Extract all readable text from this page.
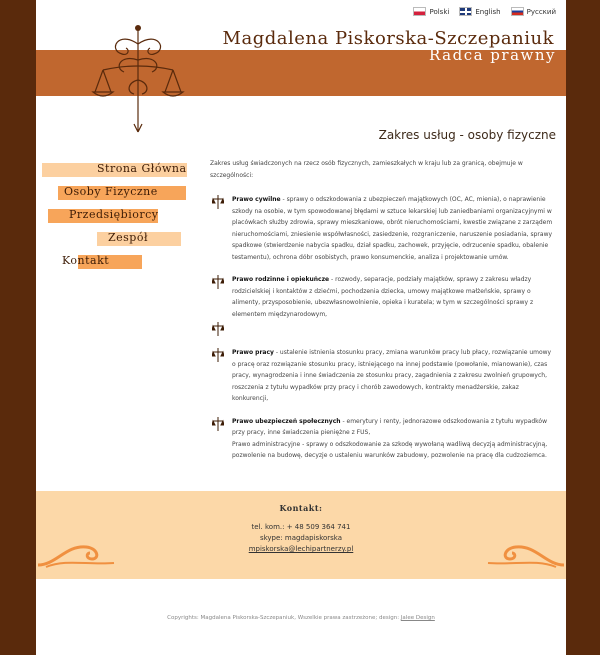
Polski	English	Русский
Magdalena Piskorska-Szczepaniuk
Radca prawny
Strona Główna
Osoby Fizyczne
Przedsiębiorcy
Zespół
Kontakt
Zakres usług - osoby fizyczne

Zakres usług świadczonych na rzecz osób fizycznych, zamieszkałych w kraju lub za granicą, obejmuje w szczególności:

Prawo cywilne - sprawy o odszkodowania z ubezpieczeń majątkowych (OC, AC, mienia), o naprawienie szkody na osobie, w tym spowodowanej błędami w sztuce lekarskiej lub zaniedbaniami organizacyjnymi w placówkach służby zdrowia, sprawy mieszkaniowe, obrót nieruchomościami, kwestie związane z zarządem nieruchomościami, zniesienie współwłasności, zasiedzenie, rozgraniczenie, naruszenie posiadania, sprawy spadkowe (stwierdzenie nabycia spadku, dział spadku, zachowek, przyjęcie, odrzucenie spadku, obalenie testamentu), ochrona dóbr osobistych, prawo konsumenckie, analiza i projektowanie umów.
Prawo rodzinne i opiekuńcze - rozwody, separacje, podziały majątków, sprawy z zakresu władzy rodzicielskiej i kontaktów z dziećmi, pochodzenia dziecka, umowy majątkowe małżeńskie, sprawy o alimenty, przysposobienie, ubezwłasnowolnienie, opieka i kuratela; w tym w szczególności sprawy z elementem międzynarodowym,
Prawo pracy - ustalenie istnienia stosunku pracy, zmiana warunków pracy lub płacy, rozwiązanie umowy o pracę oraz rozwiązanie stosunku pracy, istniejącego na innej podstawie (powołanie, mianowanie), czas pracy, wynagrodzenia i inne świadczenia ze stosunku pracy, zagadnienia z zakresu zwolnień grupowych, roszczenia z tytułu wypadków przy pracy i chorób zawodowych, kontrakty menadżerskie, zakaz konkurencji,
Prawo ubezpieczeń społecznych - emerytury i renty, jednorazowe odszkodowania z tytułu wypadków przy pracy, inne świadczenia pieniężne z FUS,
Prawo administracyjne - sprawy o odszkodowanie za szkodę wywołaną wadliwą decyzją administracyjną, pozwolenie na budowę, decyzje o ustaleniu warunków zabudowy, pozwolenie na pracę dla cudzoziemca.
Kontakt:
tel. kom.: + 48 509 364 741
skype: magdapiskorska
mpiskorska@lechipartnerzy.pl
Copyrights: Magdalena Piskorska-Szczepaniuk, Wszelkie prawa zastrzeżone; design: Jalee Design
